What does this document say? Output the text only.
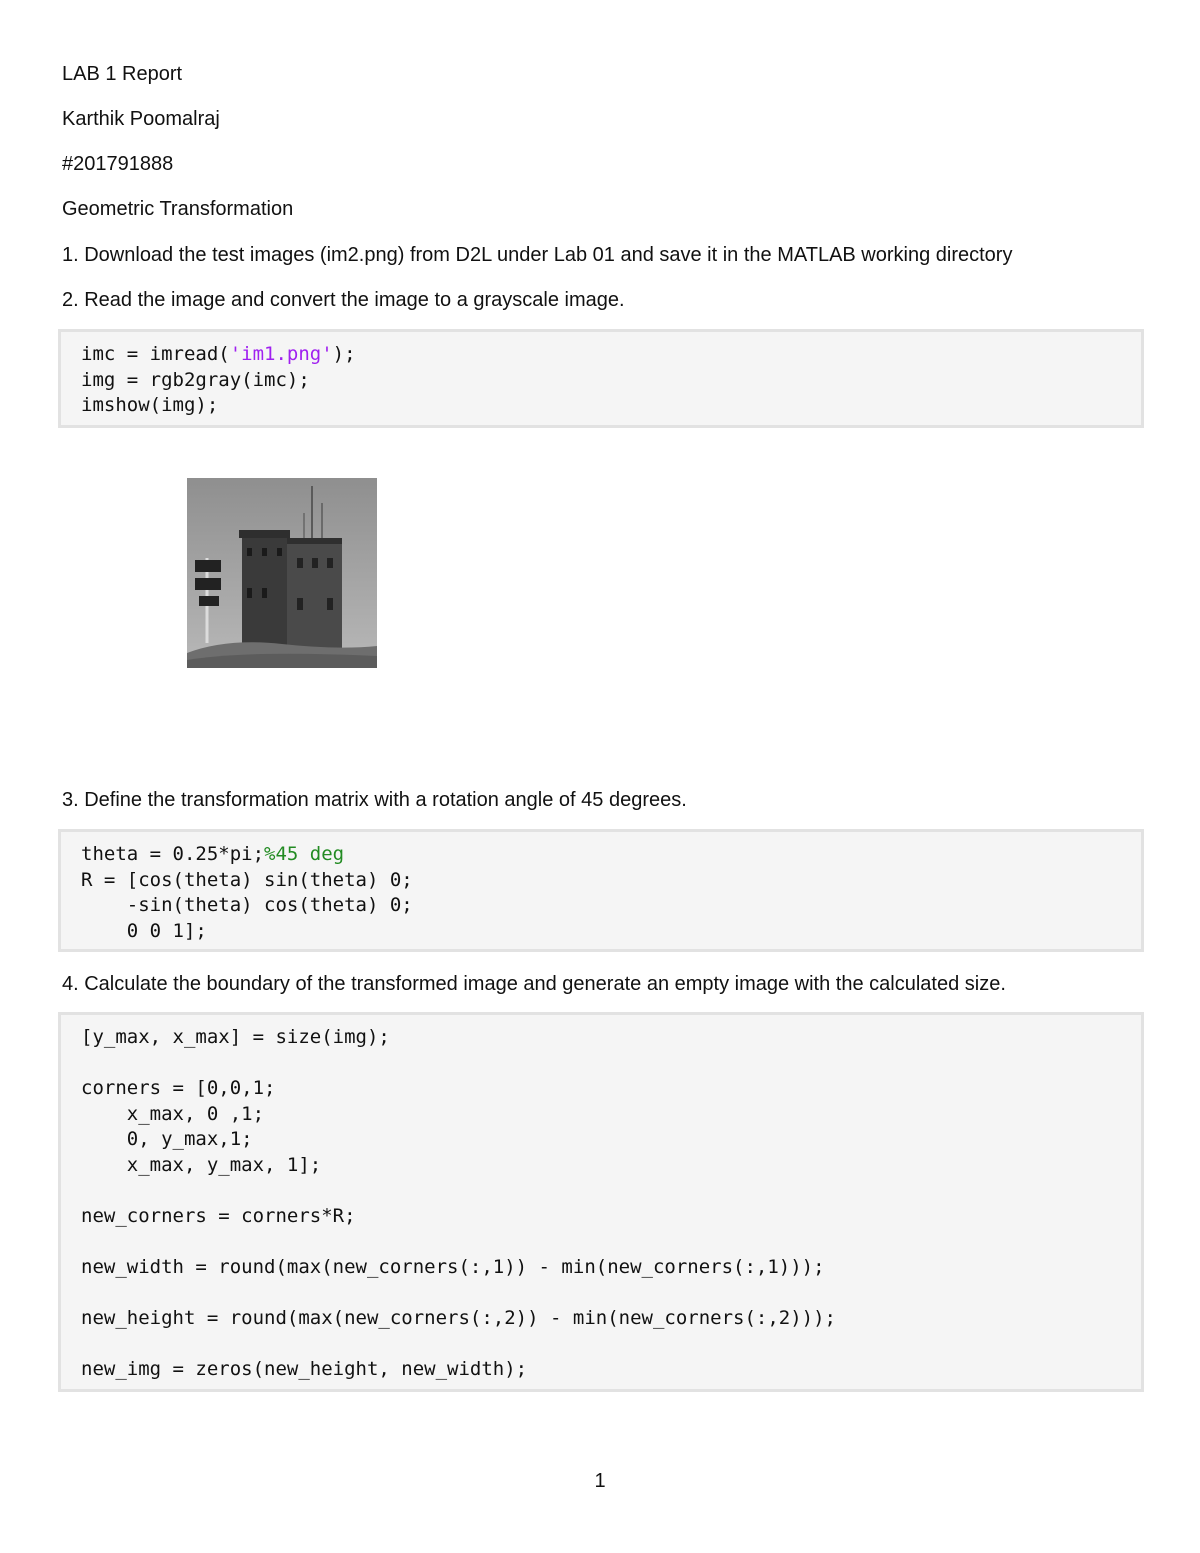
LAB 1 Report
Karthik Poomalraj
#201791888
Geometric Transformation
1. Download the test images (im2.png) from D2L under Lab 01 and save it in the MATLAB working directory
2. Read the image and convert the image to a grayscale image.
imc = imread('im1.png');
img = rgb2gray(imc);
imshow(img);
3. Define the transformation matrix with a rotation angle of 45 degrees.
theta = 0.25*pi;%45 deg
R = [cos(theta) sin(theta) 0;
-sin(theta) cos(theta) 0;
0 0 1];
4. Calculate the boundary of the transformed image and generate an empty image with the calculated size.
[y_max, x_max] = size(img);
corners = [0,0,1;
x_max, 0 ,1;
0, y_max,1;
x_max, y_max, 1];
new_corners = corners*R;
new_width = round(max(new_corners(:,1)) - min(new_corners(:,1)));
new_height = round(max(new_corners(:,2)) - min(new_corners(:,2)));
new_img = zeros(new_height, new_width);
1
